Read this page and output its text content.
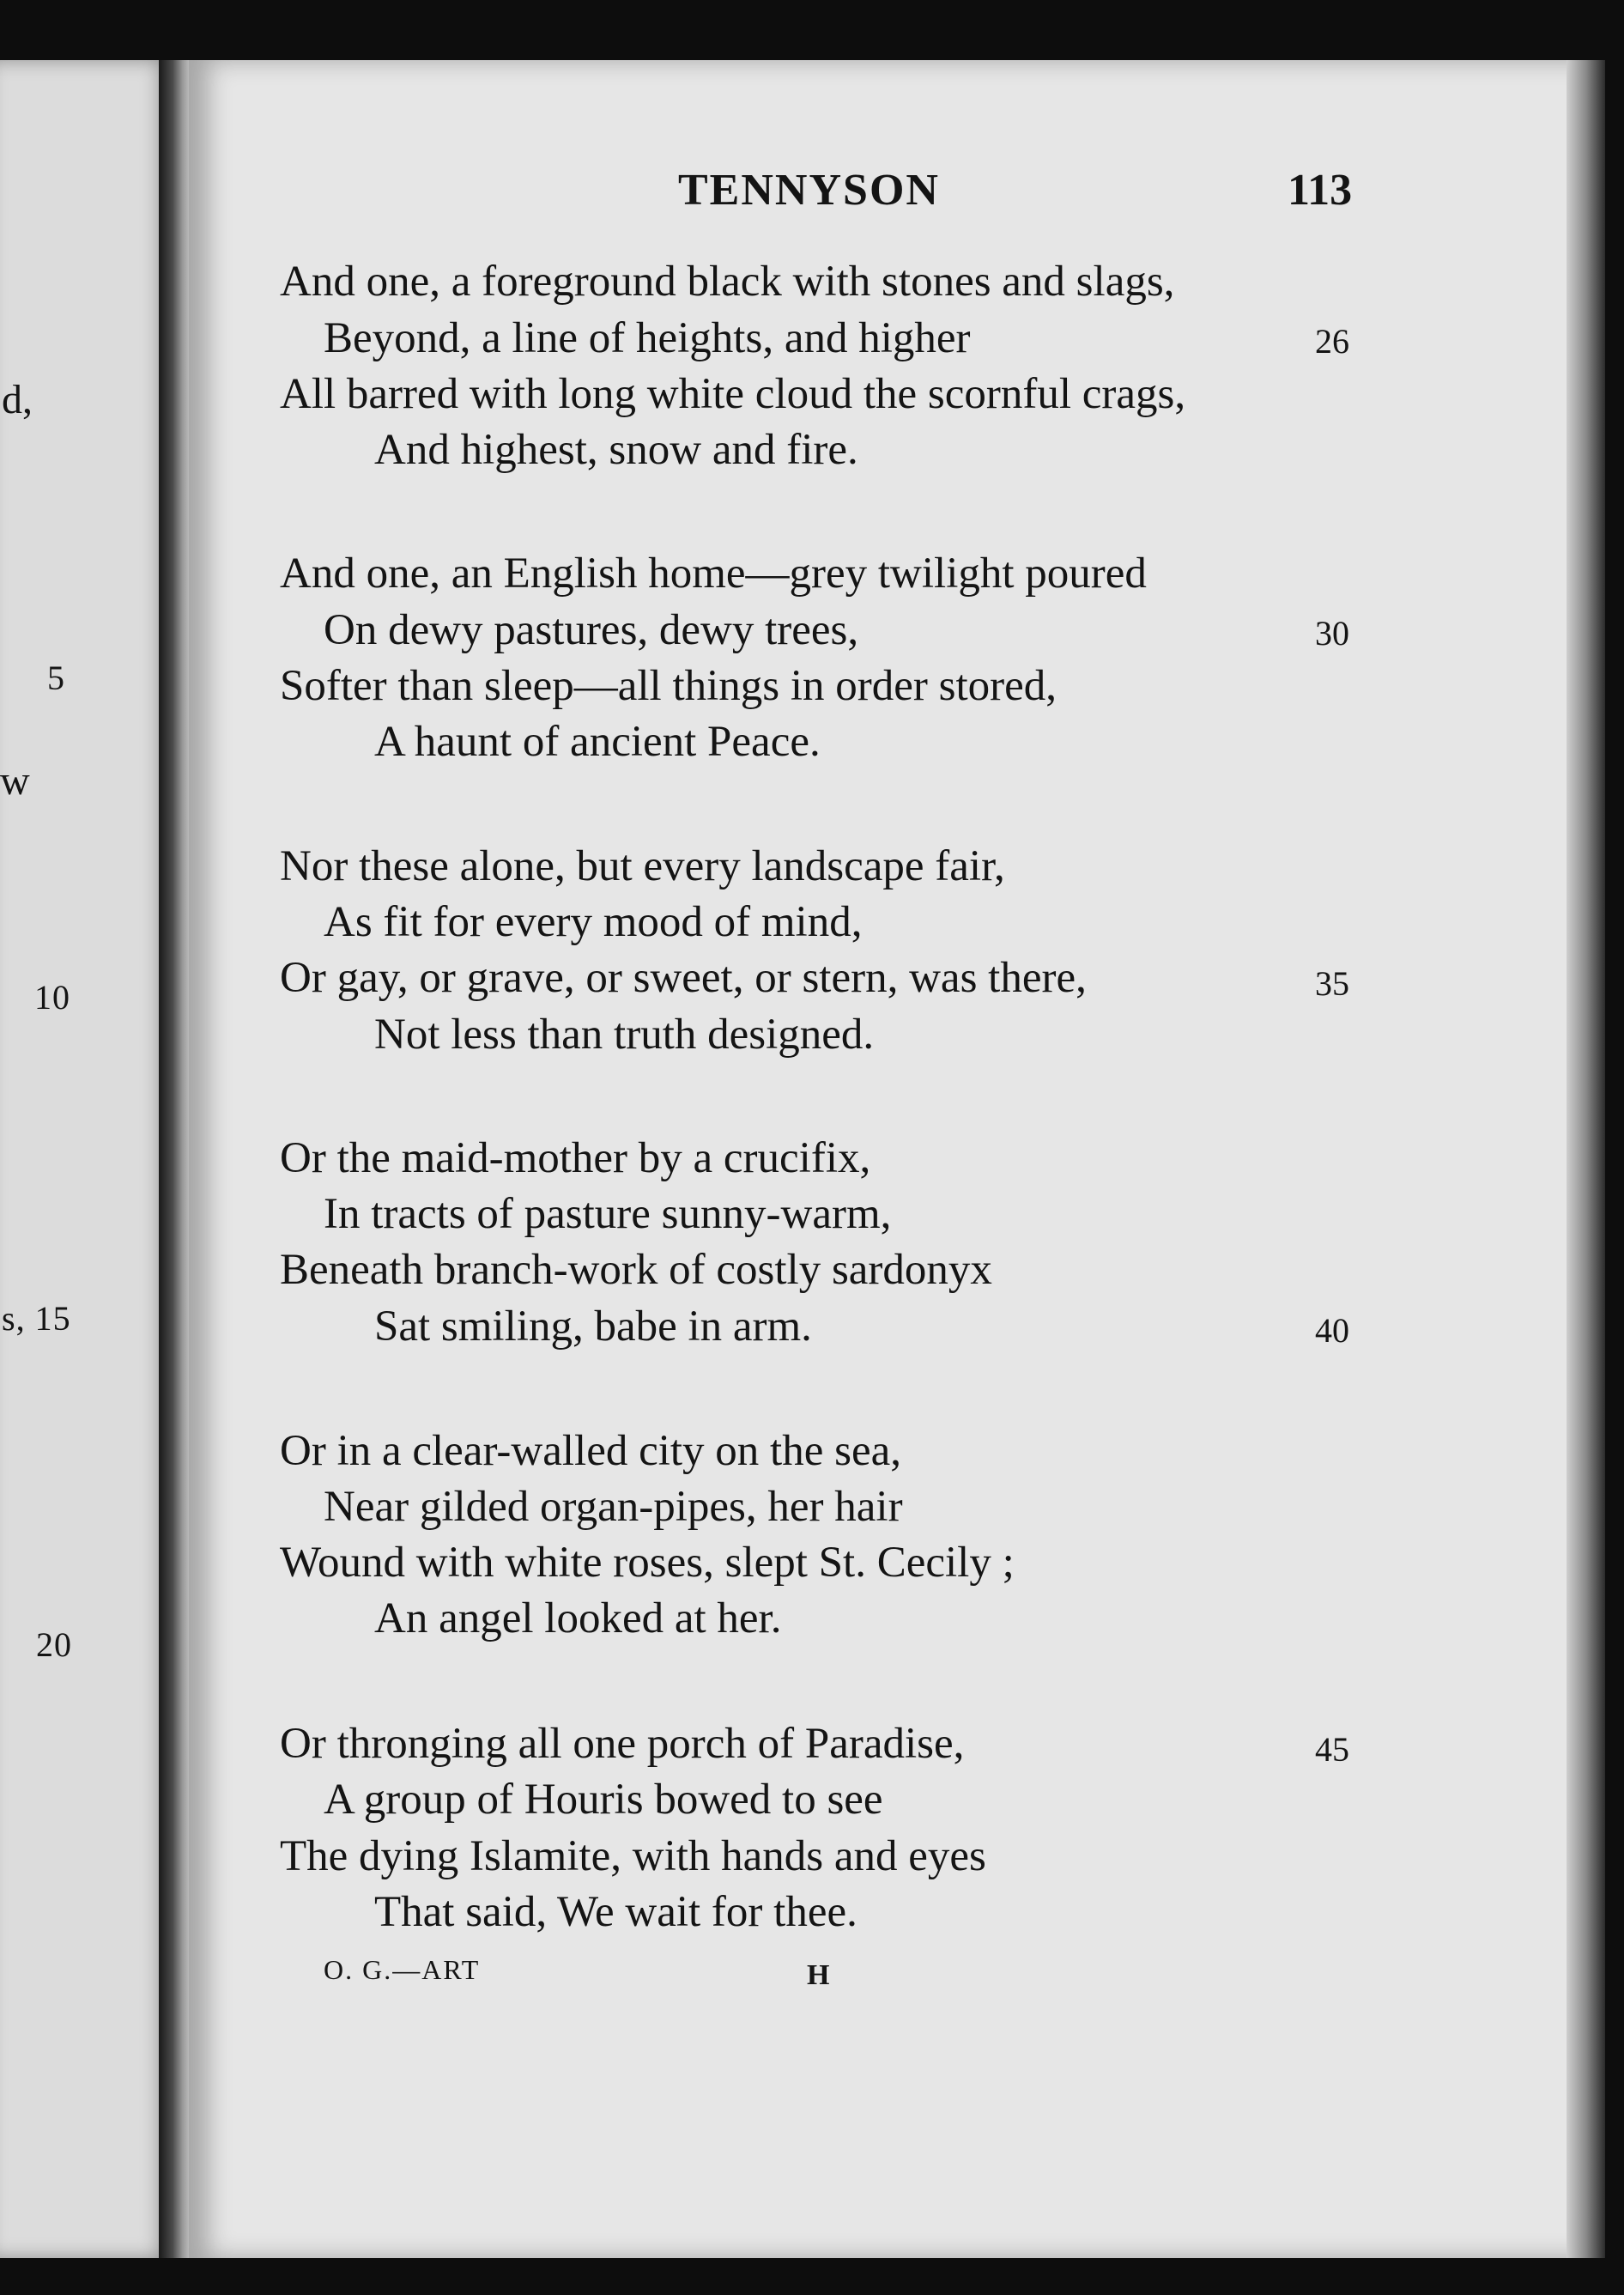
d,
5
w
10
s, 15
20
TENNYSON	113
And one, a foreground black with stones and slags,
Beyond, a line of heights, and higher	26
All barred with long white cloud the scornful crags,
And highest, snow and fire.
And one, an English home—grey twilight poured
On dewy pastures, dewy trees,	30
Softer than sleep—all things in order stored,
A haunt of ancient Peace.
Nor these alone, but every landscape fair,
As fit for every mood of mind,
Or gay, or grave, or sweet, or stern, was there,	35
Not less than truth designed.
Or the maid-mother by a crucifix,
In tracts of pasture sunny-warm,
Beneath branch-work of costly sardonyx
Sat smiling, babe in arm.	40
Or in a clear-walled city on the sea,
Near gilded organ-pipes, her hair
Wound with white roses, slept St. Cecily ;
An angel looked at her.
Or thronging all one porch of Paradise,	45
A group of Houris bowed to see
The dying Islamite, with hands and eyes
That said, We wait for thee.
O. G.—ART	H
